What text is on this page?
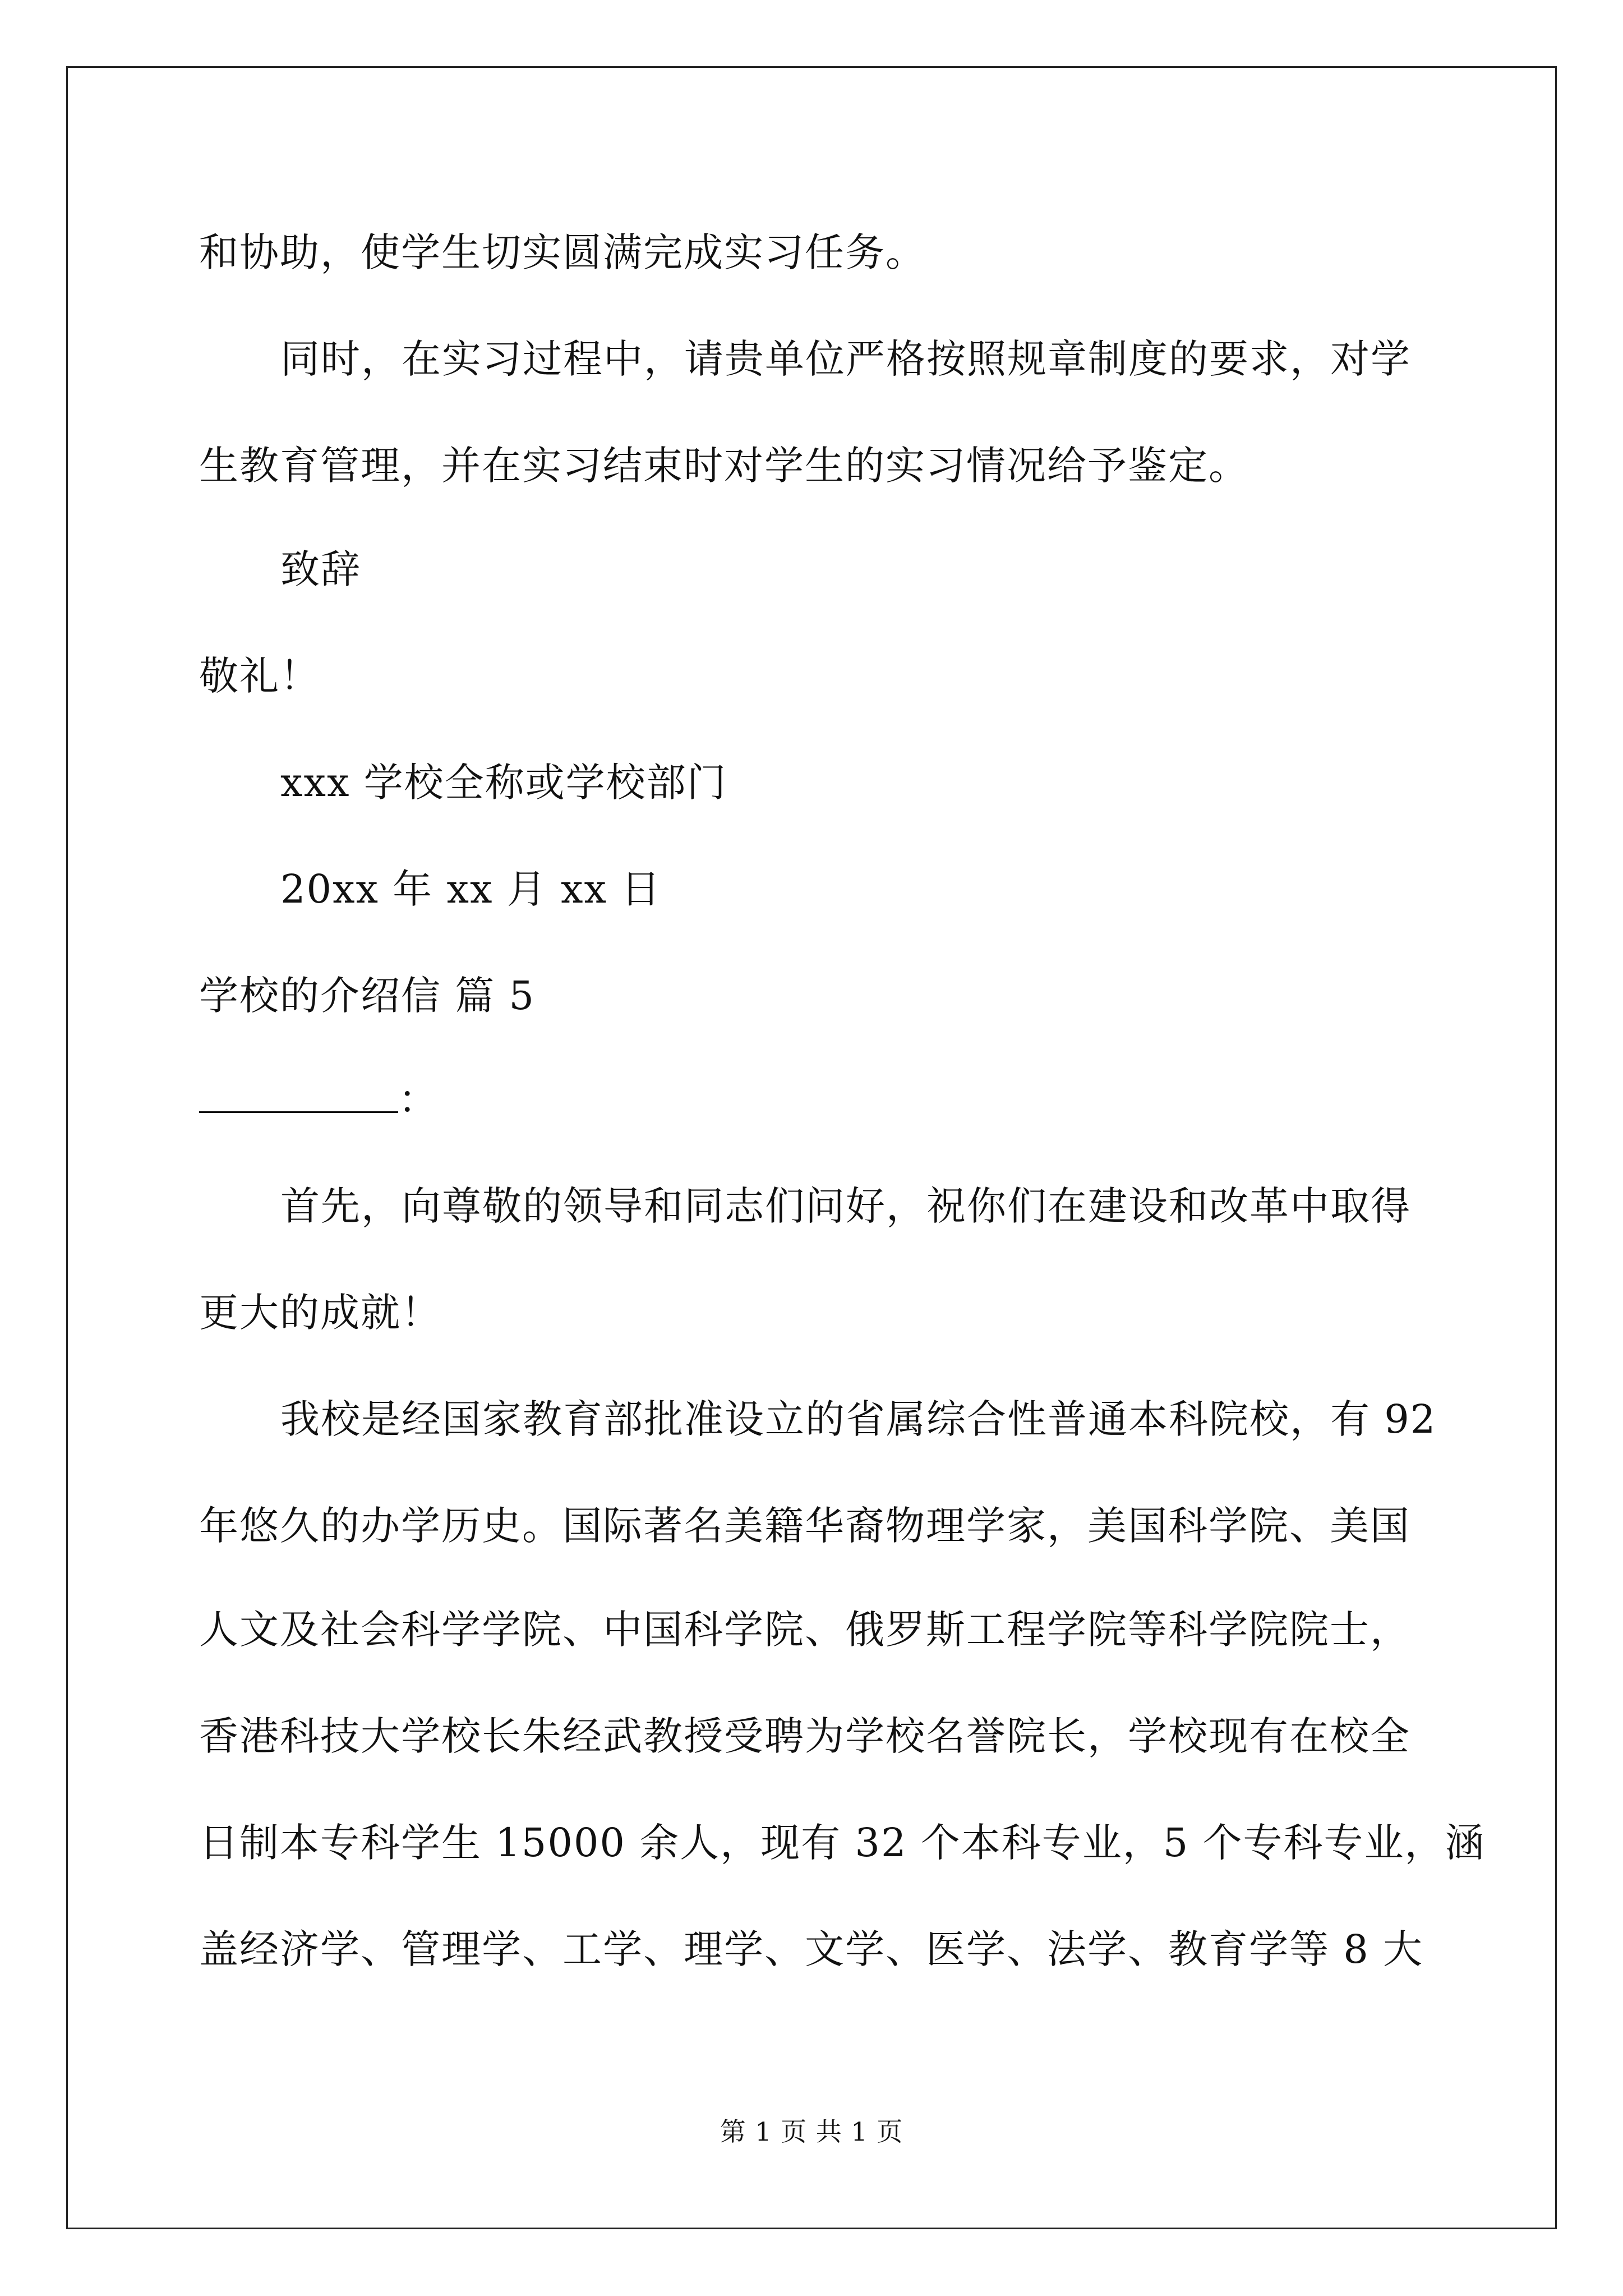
和协助，使学生切实圆满完成实习任务。
同时，在实习过程中，请贵单位严格按照规章制度的要求，对学
生教育管理，并在实习结束时对学生的实习情况给予鉴定。
致辞
敬礼！
xxx 学校全称或学校部门
20xx 年 xx 月 xx 日
学校的介绍信 篇 5
：
首先，向尊敬的领导和同志们问好，祝你们在建设和改革中取得
更大的成就！
我校是经国家教育部批准设立的省属综合性普通本科院校，有 92
年悠久的办学历史。国际著名美籍华裔物理学家，美国科学院、美国
人文及社会科学学院、中国科学院、俄罗斯工程学院等科学院院士，
香港科技大学校长朱经武教授受聘为学校名誉院长，学校现有在校全
日制本专科学生 15000 余人，现有 32 个本科专业，5 个专科专业，涵
盖经济学、管理学、工学、理学、文学、医学、法学、教育学等 8 大
第 1 页 共 1 页
